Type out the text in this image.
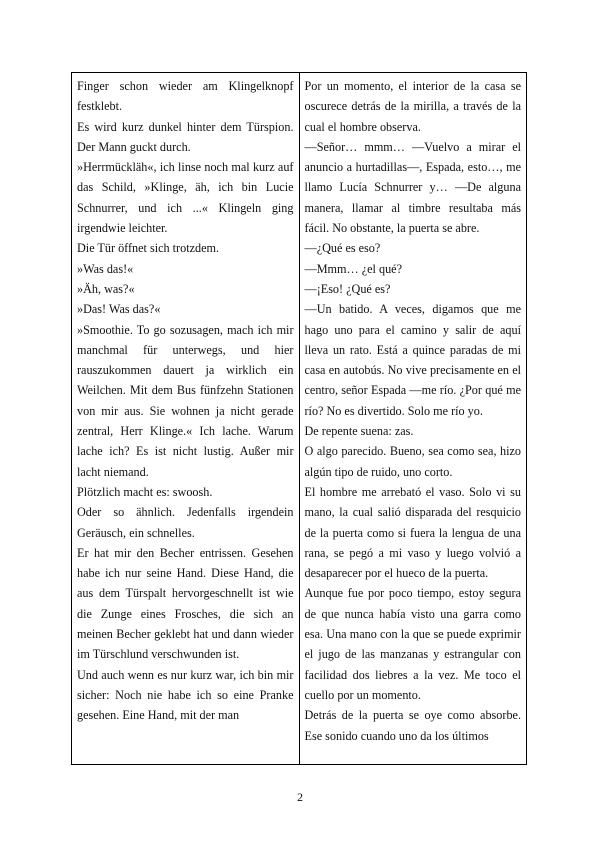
Finger schon wieder am Klingelknopf festklebt.

Es wird kurz dunkel hinter dem Türspion. Der Mann guckt durch.

»Herrmückläh«, ich linse noch mal kurz auf das Schild, »Klinge, äh, ich bin Lucie Schnurrer, und ich ...« Klingeln ging irgendwie leichter.

Die Tür öffnet sich trotzdem.

»Was das!«

»Äh, was?«

»Das! Was das?«

»Smoothie. To go sozusagen, mach ich mir manchmal für unterwegs, und hier rauszukommen dauert ja wirklich ein Weilchen. Mit dem Bus fünfzehn Stationen von mir aus. Sie wohnen ja nicht gerade zentral, Herr Klinge.« Ich lache. Warum lache ich? Es ist nicht lustig. Außer mir lacht niemand.

Plötzlich macht es: swoosh.

Oder so ähnlich. Jedenfalls irgendein Geräusch, ein schnelles.

Er hat mir den Becher entrissen. Gesehen habe ich nur seine Hand. Diese Hand, die aus dem Türspalt hervorgeschnellt ist wie die Zunge eines Frosches, die sich an meinen Becher geklebt hat und dann wieder im Türschlund verschwunden ist.

Und auch wenn es nur kurz war, ich bin mir sicher: Noch nie habe ich so eine Pranke gesehen. Eine Hand, mit der man

Por un momento, el interior de la casa se oscurece detrás de la mirilla, a través de la cual el hombre observa.

—Señor… mmm… —Vuelvo a mirar el anuncio a hurtadillas—, Espada, esto…, me llamo Lucía Schnurrer y… —De alguna manera, llamar al timbre resultaba más fácil. No obstante, la puerta se abre.

—¿Qué es eso?

—Mmm… ¿el qué?

—¡Eso! ¿Qué es?

—Un batido. A veces, digamos que me hago uno para el camino y salir de aquí lleva un rato. Está a quince paradas de mi casa en autobús. No vive precisamente en el centro, señor Espada —me río. ¿Por qué me río? No es divertido. Solo me río yo.

De repente suena: zas.

O algo parecido. Bueno, sea como sea, hizo algún tipo de ruido, uno corto.

El hombre me arrebató el vaso. Solo vi su mano, la cual salió disparada del resquicio de la puerta como si fuera la lengua de una rana, se pegó a mi vaso y luego volvió a desaparecer por el hueco de la puerta.

Aunque fue por poco tiempo, estoy segura de que nunca había visto una garra como esa. Una mano con la que se puede exprimir el jugo de las manzanas y estrangular con facilidad dos liebres a la vez. Me toco el cuello por un momento.

Detrás de la puerta se oye como absorbe. Ese sonido cuando uno da los últimos

2
